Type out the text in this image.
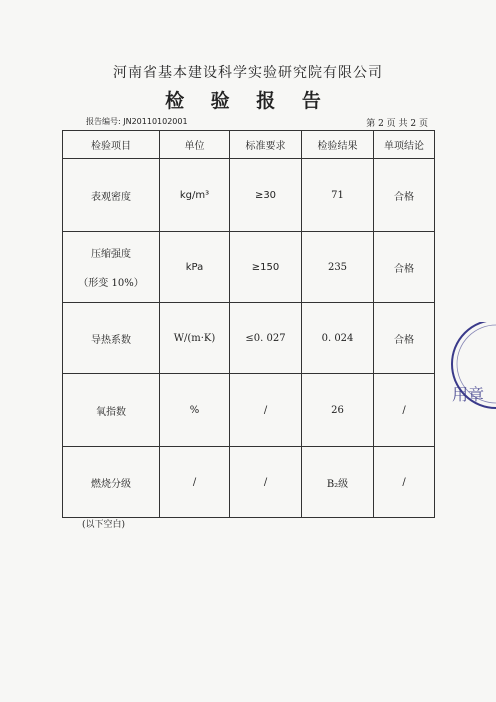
河南省基本建设科学实验研究院有限公司
检 验 报 告
报告编号: JN20110102001	第 2 页 共 2 页
检验项目	单位	标准要求	检验结果	单项结论
表观密度	kg/m³	≥30	71	合格
压缩强度
（形变 10%）	kPa	≥150	235	合格
导热系数	W/(m·K)	≤0. 027	0. 024	合格
氧指数	%	/	26	/
燃烧分级	/	/	B₂级	/
(以下空白)
用章
